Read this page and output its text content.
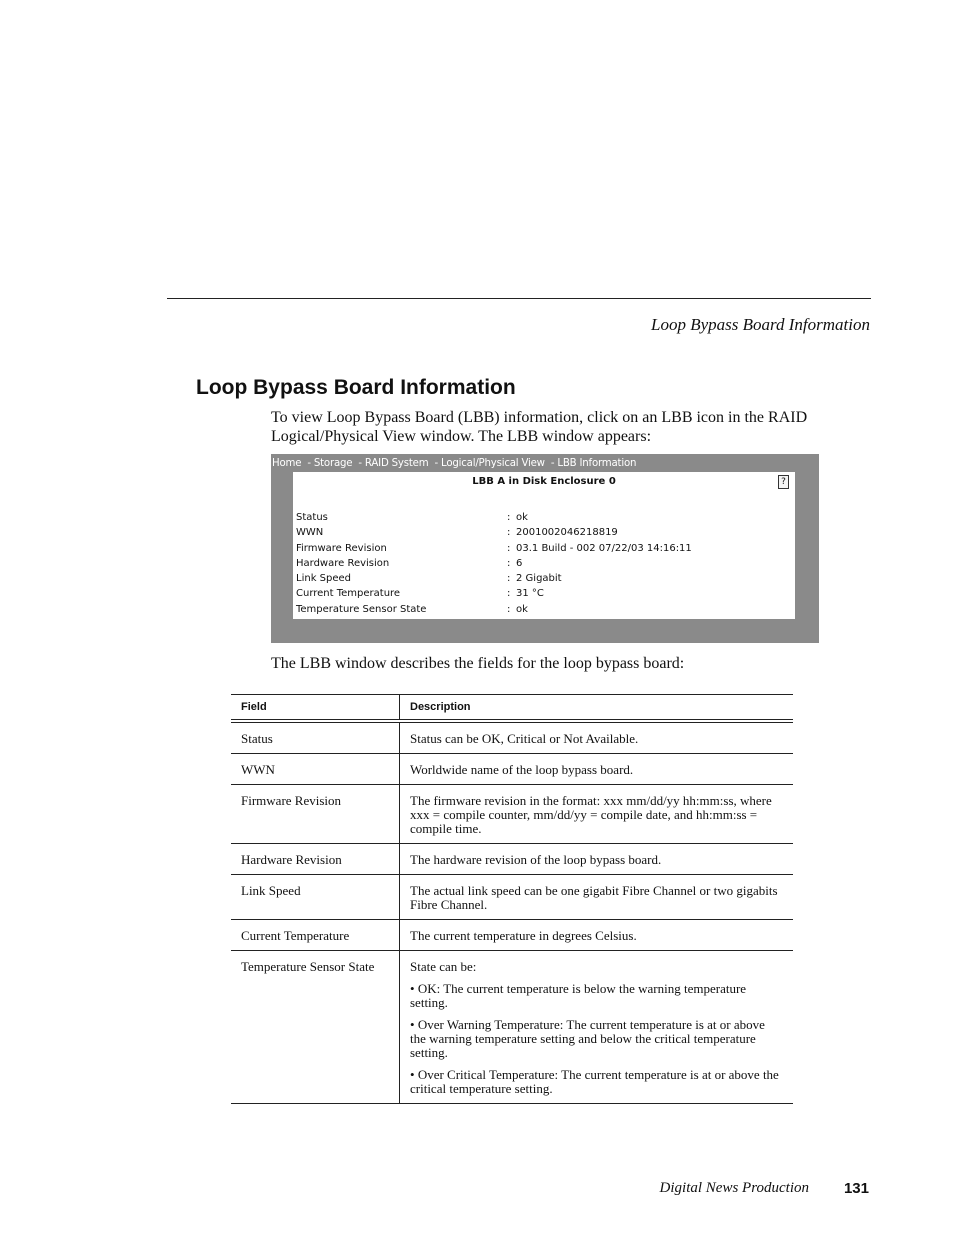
Loop Bypass Board Information
Loop Bypass Board Information

To view Loop Bypass Board (LBB) information, click on an LBB icon in the RAID Logical/Physical View window. The LBB window appears:

Home  - Storage  - RAID System  - Logical/Physical View  - LBB Information
LBB A in Disk Enclosure 0	?
Status	: ok
WWN	: 2001002046218819
Firmware Revision	: 03.1 Build - 002 07/22/03 14:16:11
Hardware Revision	: 6
Link Speed	: 2 Gigabit
Current Temperature	: 31 °C
Temperature Sensor State	: ok

The LBB window describes the fields for the loop bypass board:

Field	Description
Status	Status can be OK, Critical or Not Available.

WWN	Worldwide name of the loop bypass board.

Firmware Revision	The firmware revision in the format: xxx mm/dd/yy hh:mm:ss, where xxx = compile counter, mm/dd/yy = compile date, and hh:mm:ss = compile time.

Hardware Revision	The hardware revision of the loop bypass board.

Link Speed	The actual link speed can be one gigabit Fibre Channel or two gigabits Fibre Channel.

Current Temperature	The current temperature in degrees Celsius.

Temperature Sensor State	State can be:
• OK: The current temperature is below the warning temperature setting.
• Over Warning Temperature: The current temperature is at or above the warning temperature setting and below the critical temperature setting.
• Over Critical Temperature: The current temperature is at or above the critical temperature setting.
Digital News Production 131
